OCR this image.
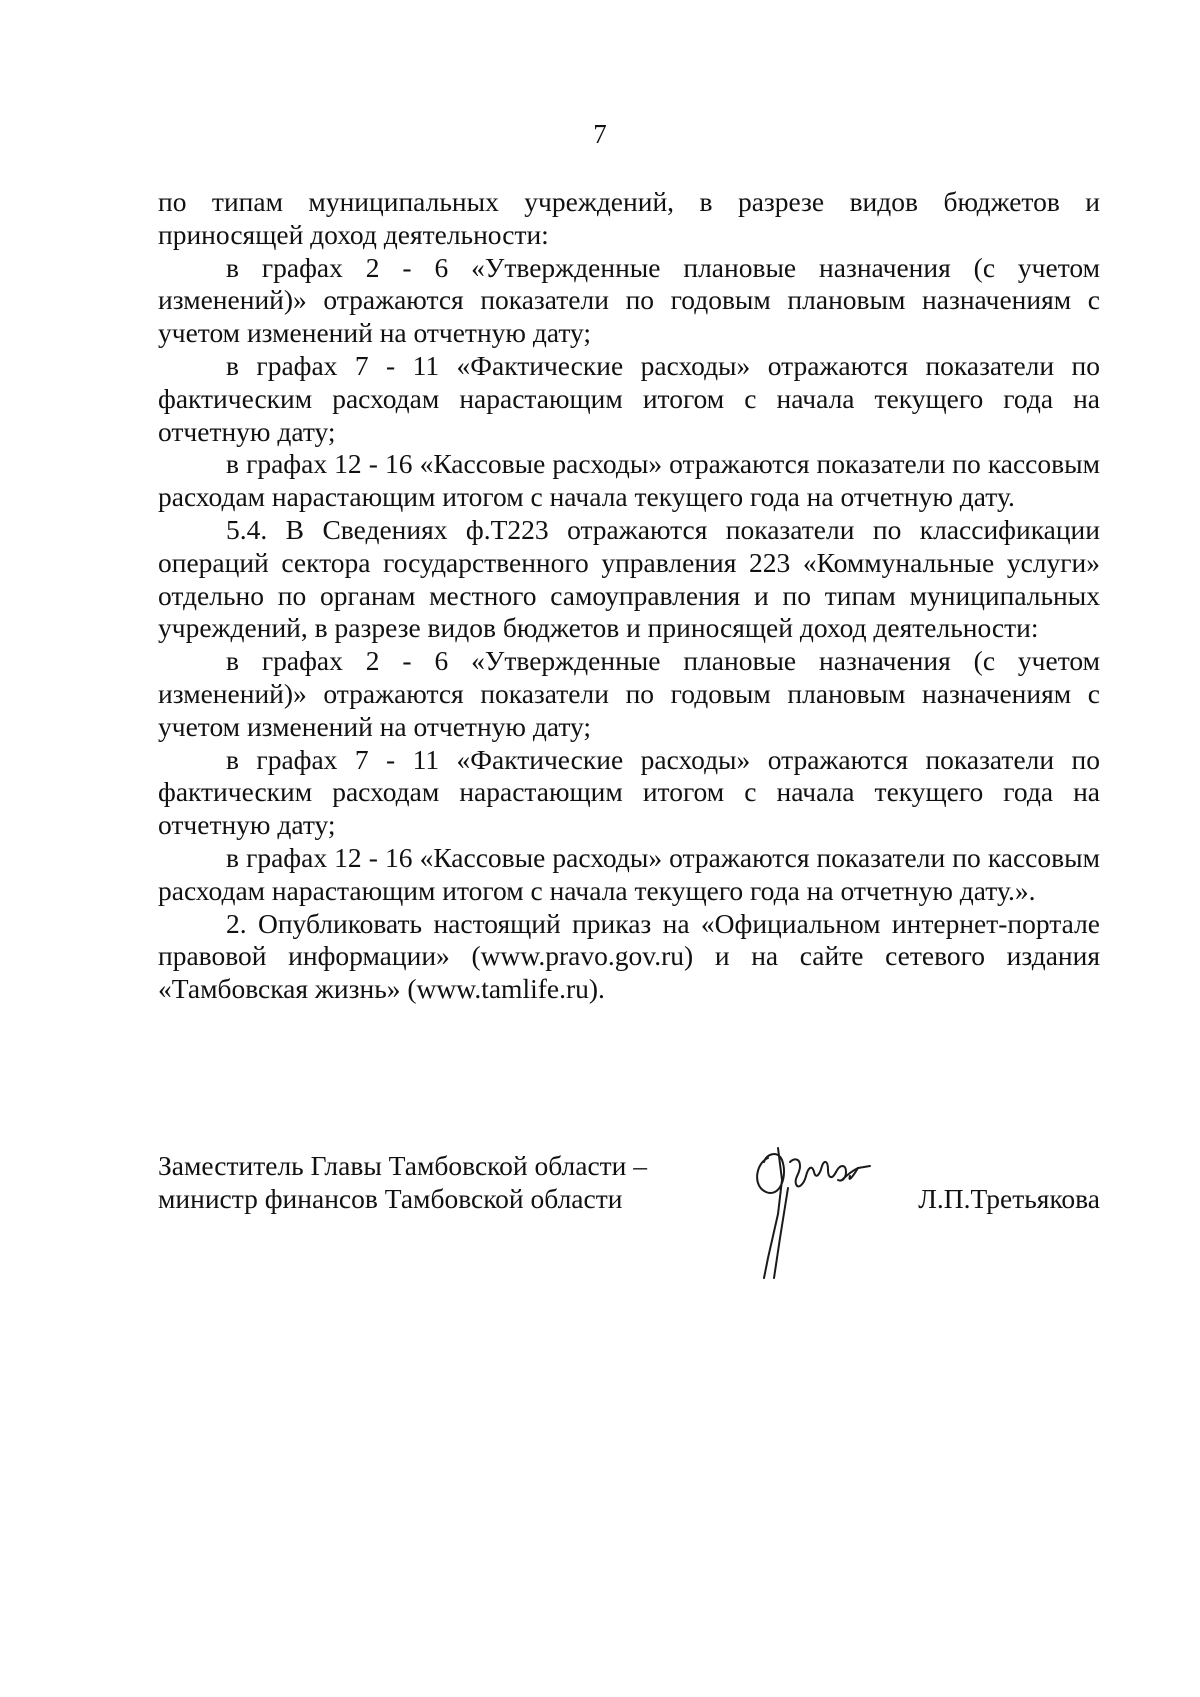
7

по типам муниципальных учреждений, в разрезе видов бюджетов и приносящей доход деятельности:

в графах 2 - 6 «Утвержденные плановые назначения (с учетом изменений)» отражаются показатели по годовым плановым назначениям с учетом изменений на отчетную дату;

в графах 7 - 11 «Фактические расходы» отражаются показатели по фактическим расходам нарастающим итогом с начала текущего года на отчетную дату;

в графах 12 - 16 «Кассовые расходы» отражаются показатели по кассовым расходам нарастающим итогом с начала текущего года на отчетную дату.

5.4. В Сведениях ф.Т223 отражаются показатели по классификации операций сектора государственного управления 223 «Коммунальные услуги» отдельно по органам местного самоуправления и по типам муниципальных учреждений, в разрезе видов бюджетов и приносящей доход деятельности:

в графах 2 - 6 «Утвержденные плановые назначения (с учетом изменений)» отражаются показатели по годовым плановым назначениям с учетом изменений на отчетную дату;

в графах 7 - 11 «Фактические расходы» отражаются показатели по фактическим расходам нарастающим итогом с начала текущего года на отчетную дату;

в графах 12 - 16 «Кассовые расходы» отражаются показатели по кассовым расходам нарастающим итогом с начала текущего года на отчетную дату.».

2. Опубликовать настоящий приказ на «Официальном интернет-портале правовой информации» (www.pravo.gov.ru) и на сайте сетевого издания «Тамбовская жизнь» (www.tamlife.ru).

Заместитель Главы Тамбовской области –
министр финансов Тамбовской области	Л.П.Третьякова
